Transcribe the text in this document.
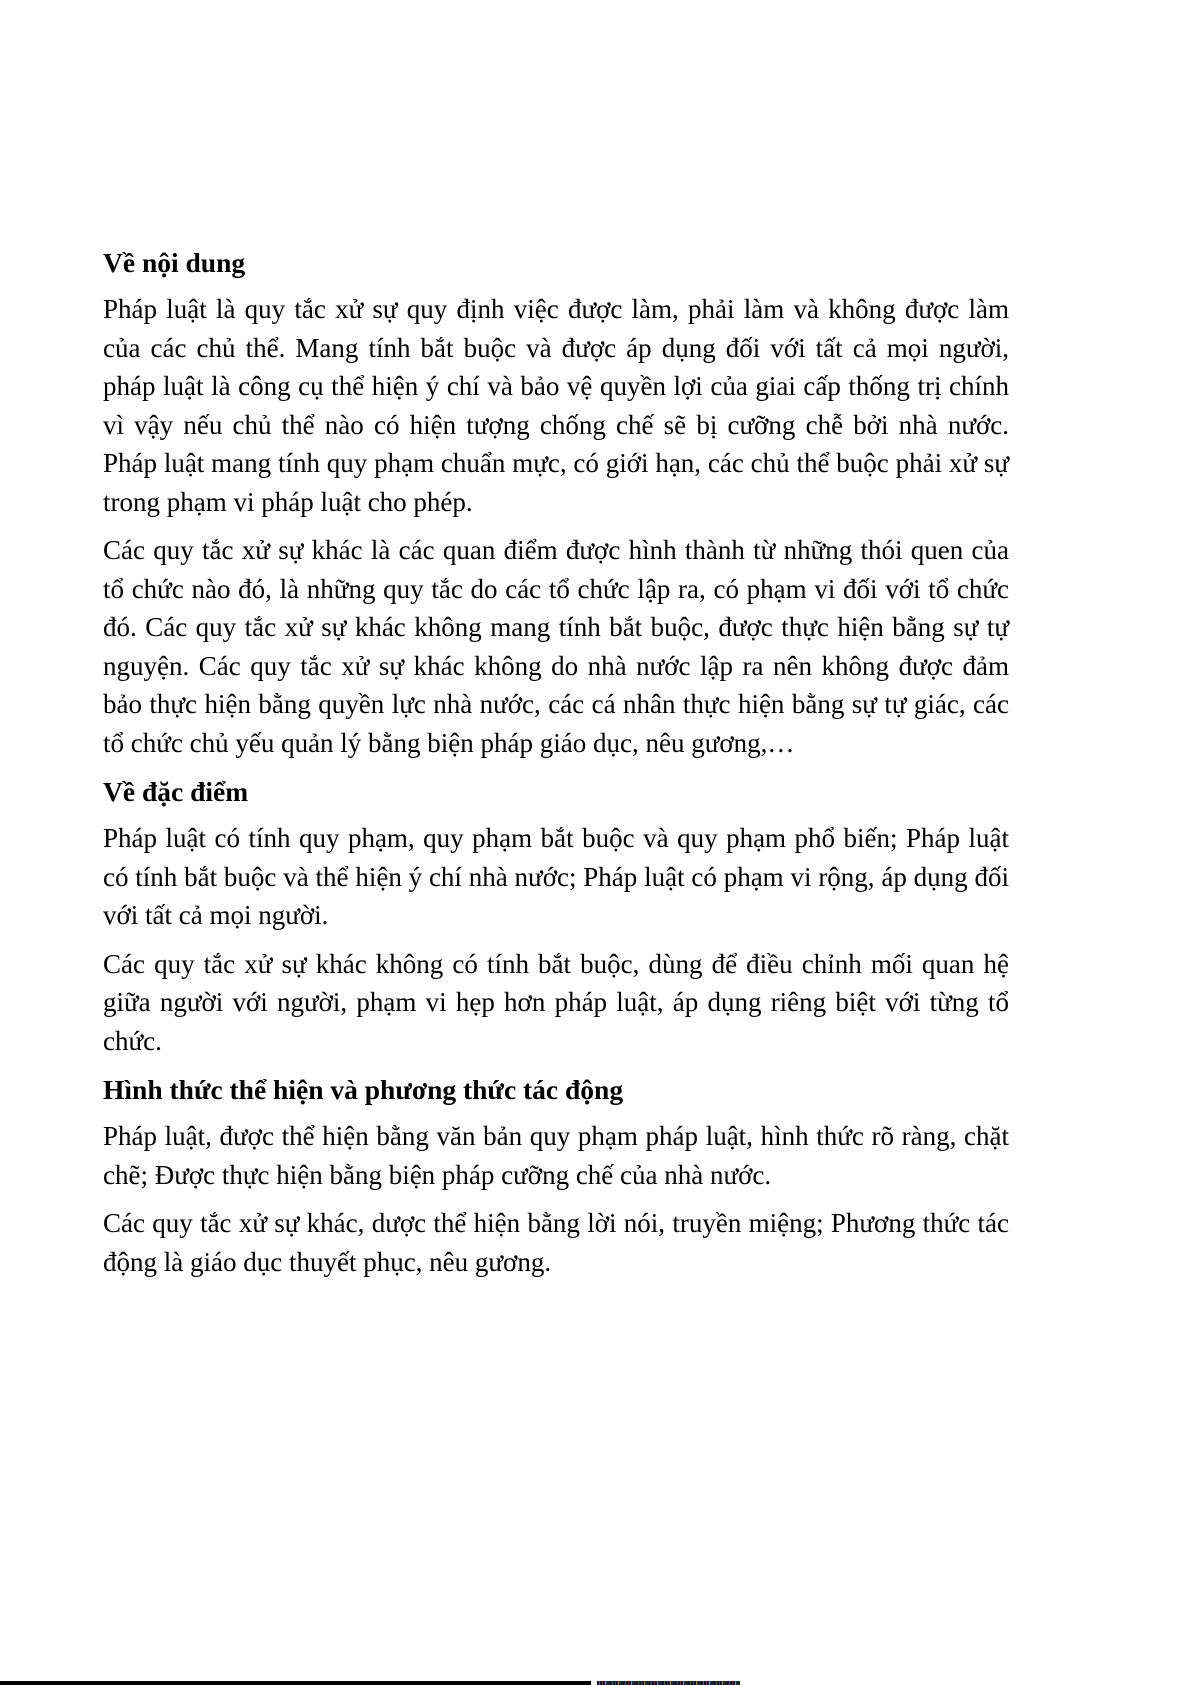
Về nội dung

Pháp luật là quy tắc xử sự quy định việc được làm, phải làm và không được làm của các chủ thể. Mang tính bắt buộc và được áp dụng đối với tất cả mọi người, pháp luật là công cụ thể hiện ý chí và bảo vệ quyền lợi của giai cấp thống trị chính vì vậy nếu chủ thể nào có hiện tượng chống chế sẽ bị cưỡng chễ bởi nhà nước. Pháp luật mang tính quy phạm chuẩn mực, có giới hạn, các chủ thể buộc phải xử sự trong phạm vi pháp luật cho phép.

Các quy tắc xử sự khác là các quan điểm được hình thành từ những thói quen của tổ chức nào đó, là những quy tắc do các tổ chức lập ra, có phạm vi đối với tổ chức đó. Các quy tắc xử sự khác không mang tính bắt buộc, được thực hiện bằng sự tự nguyện. Các quy tắc xử sự khác không do nhà nước lập ra nên không được đảm bảo thực hiện bằng quyền lực nhà nước, các cá nhân thực hiện bằng sự tự giác, các tổ chức chủ yếu quản lý bằng biện pháp giáo dục, nêu gương,…

Về đặc điểm

Pháp luật có tính quy phạm, quy phạm bắt buộc và quy phạm phổ biến; Pháp luật có tính bắt buộc và thể hiện ý chí nhà nước; Pháp luật có phạm vi rộng, áp dụng đối với tất cả mọi người.

Các quy tắc xử sự khác không có tính bắt buộc, dùng để điều chỉnh mối quan hệ giữa người với người, phạm vi hẹp hơn pháp luật, áp dụng riêng biệt với từng tổ chức.

Hình thức thể hiện và phương thức tác động

Pháp luật, được thể hiện bằng văn bản quy phạm pháp luật, hình thức rõ ràng, chặt chẽ; Được thực hiện bằng biện pháp cưỡng chế của nhà nước.

Các quy tắc xử sự khác, dược thể hiện bằng lời nói, truyền miệng; Phương thức tác động là giáo dục thuyết phục, nêu gương.
